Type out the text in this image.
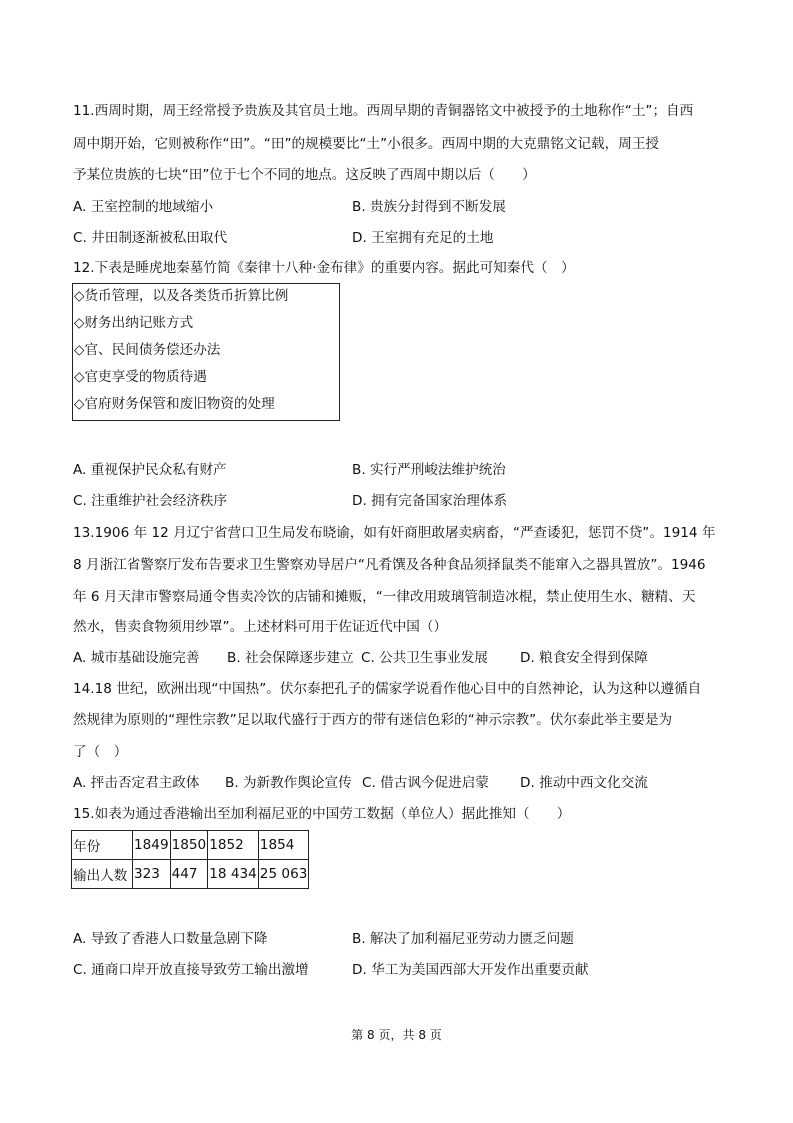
11.西周时期，周王经常授予贵族及其官员土地。西周早期的青铜器铭文中被授予的土地称作“土”；自西
周中期开始，它则被称作“田”。“田”的规模要比“土”小很多。西周中期的大克鼎铭文记载，周王授
予某位贵族的七块“田”位于七个不同的地点。这反映了西周中期以后（　　）
A. 王室控制的地域缩小	B. 贵族分封得到不断发展
C. 井田制逐渐被私田取代	D. 王室拥有充足的土地
12.下表是睡虎地秦墓竹简《秦律十八种·金布律》的重要内容。据此可知秦代（　）
◇货币管理，以及各类货币折算比例
◇财务出纳记账方式
◇官、民间债务偿还办法
◇官吏享受的物质待遇
◇官府财务保管和废旧物资的处理
A. 重视保护民众私有财产	B. 实行严刑峻法维护统治
C. 注重维护社会经济秩序	D. 拥有完备国家治理体系
13.1906 年 12 月辽宁省营口卫生局发布晓谕，如有奸商胆敢屠卖病畜，“严查诿犯，惩罚不贷”。1914 年
8 月浙江省警察厅发布告要求卫生警察劝导居户“凡肴馔及各种食品须择鼠类不能窜入之器具置放”。1946
年 6 月天津市警察局通令售卖冷饮的店铺和摊贩，“一律改用玻璃管制造冰棍，禁止使用生水、糖精、天
然水，售卖食物须用纱罩”。上述材料可用于佐证近代中国（）
A. 城市基础设施完善 B. 社会保障逐步建立 C. 公共卫生事业发展 D. 粮食安全得到保障
14.18 世纪，欧洲出现“中国热”。伏尔泰把孔子的儒家学说看作他心目中的自然神论，认为这种以遵循自
然规律为原则的“理性宗教”足以取代盛行于西方的带有迷信色彩的“神示宗教”。伏尔泰此举主要是为
了（　）
A. 抨击否定君主政体 B. 为新教作舆论宣传 C. 借古讽今促进启蒙 D. 推动中西文化交流
15.如表为通过香港输出至加利福尼亚的中国劳工数据（单位人）据此推知（　　）
年份	1849	1850	1852	1854
输出人数	323	447	18 434	25 063
A. 导致了香港人口数量急剧下降	B. 解决了加利福尼亚劳动力匮乏问题
C. 通商口岸开放直接导致劳工输出激增	D. 华工为美国西部大开发作出重要贡献
第 8 页，共 8 页
